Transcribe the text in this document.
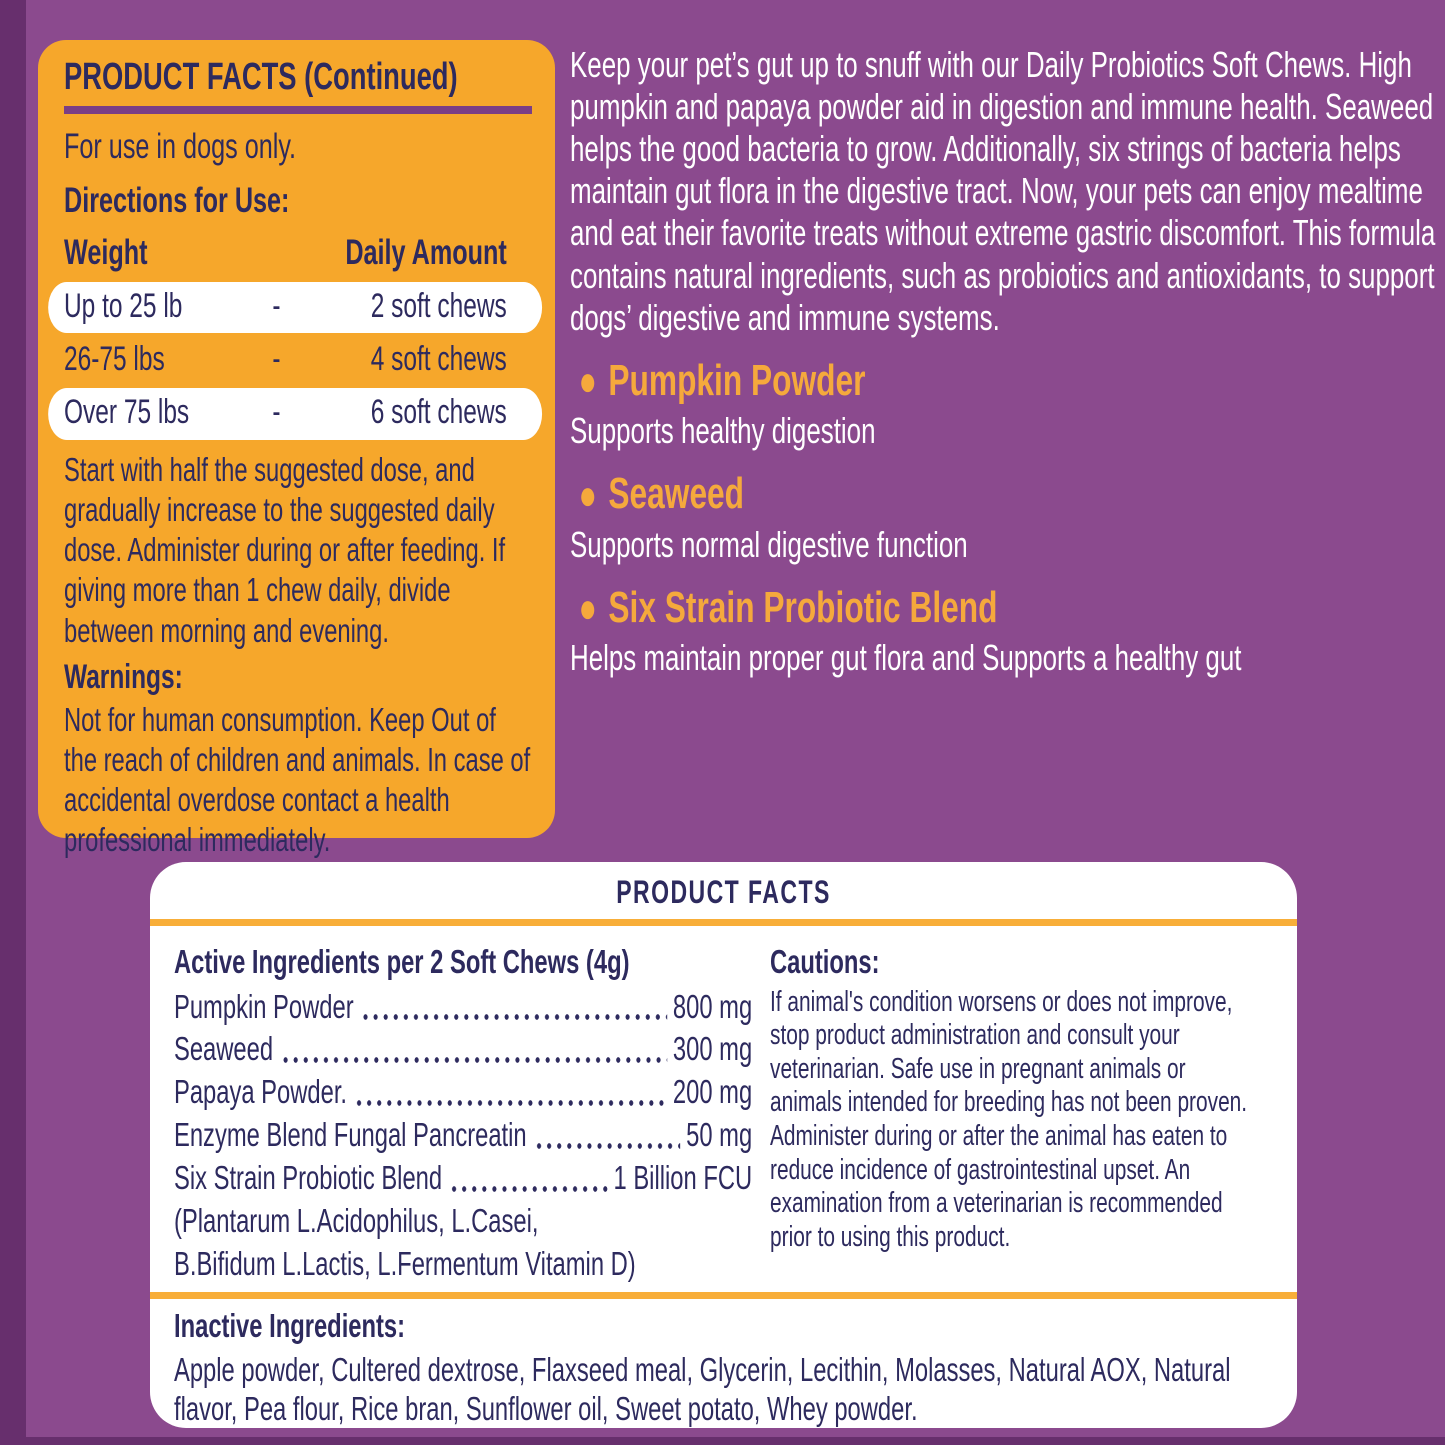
PRODUCT FACTS (Continued)

For use in dogs only.

Directions for Use:
Weight	Daily Amount
Up to 25 lb	-	2 soft chews
26-75 lbs	-	4 soft chews
Over 75 lbs	-	6 soft chews

Start with half the suggested dose, and gradually increase to the suggested daily dose. Administer during or after feeding. If giving more than 1 chew daily, divide between morning and evening.

Warnings:

Not for human consumption. Keep Out of the reach of children and animals. In case of accidental overdose contact a health professional immediately.

Keep your pet’s gut up to snuff with our Daily Probiotics Soft Chews. High pumpkin and papaya powder aid in digestion and immune health. Seaweed helps the good bacteria to grow. Additionally, six strings of bacteria helps maintain gut flora in the digestive tract. Now, your pets can enjoy mealtime and eat their favorite treats without extreme gastric discomfort. This formula contains natural ingredients, such as probiotics and antioxidants, to support dogs’ digestive and immune systems.

● Pumpkin Powder

Supports healthy digestion

● Seaweed

Supports normal digestive function

● Six Strain Probiotic Blend

Helps maintain proper gut flora and Supports a healthy gut

PRODUCT FACTS
Active Ingredients per 2 Soft Chews (4g)
Pumpkin Powder	800 mg
Seaweed	300 mg
Papaya Powder.	200 mg
Enzyme Blend Fungal Pancreatin	50 mg
Six Strain Probiotic Blend	1 Billion FCU

(Plantarum L.Acidophilus, L.Casei,

B.Bifidum L.Lactis, L.Fermentum Vitamin D)

Cautions:

If animal's condition worsens or does not improve, stop product administration and consult your veterinarian. Safe use in pregnant animals or animals intended for breeding has not been proven. Administer during or after the animal has eaten to reduce incidence of gastrointestinal upset. An examination from a veterinarian is recommended prior to using this product.

Inactive Ingredients:

Apple powder, Cultered dextrose, Flaxseed meal, Glycerin, Lecithin, Molasses, Natural AOX, Natural flavor, Pea flour, Rice bran, Sunflower oil, Sweet potato, Whey powder.
